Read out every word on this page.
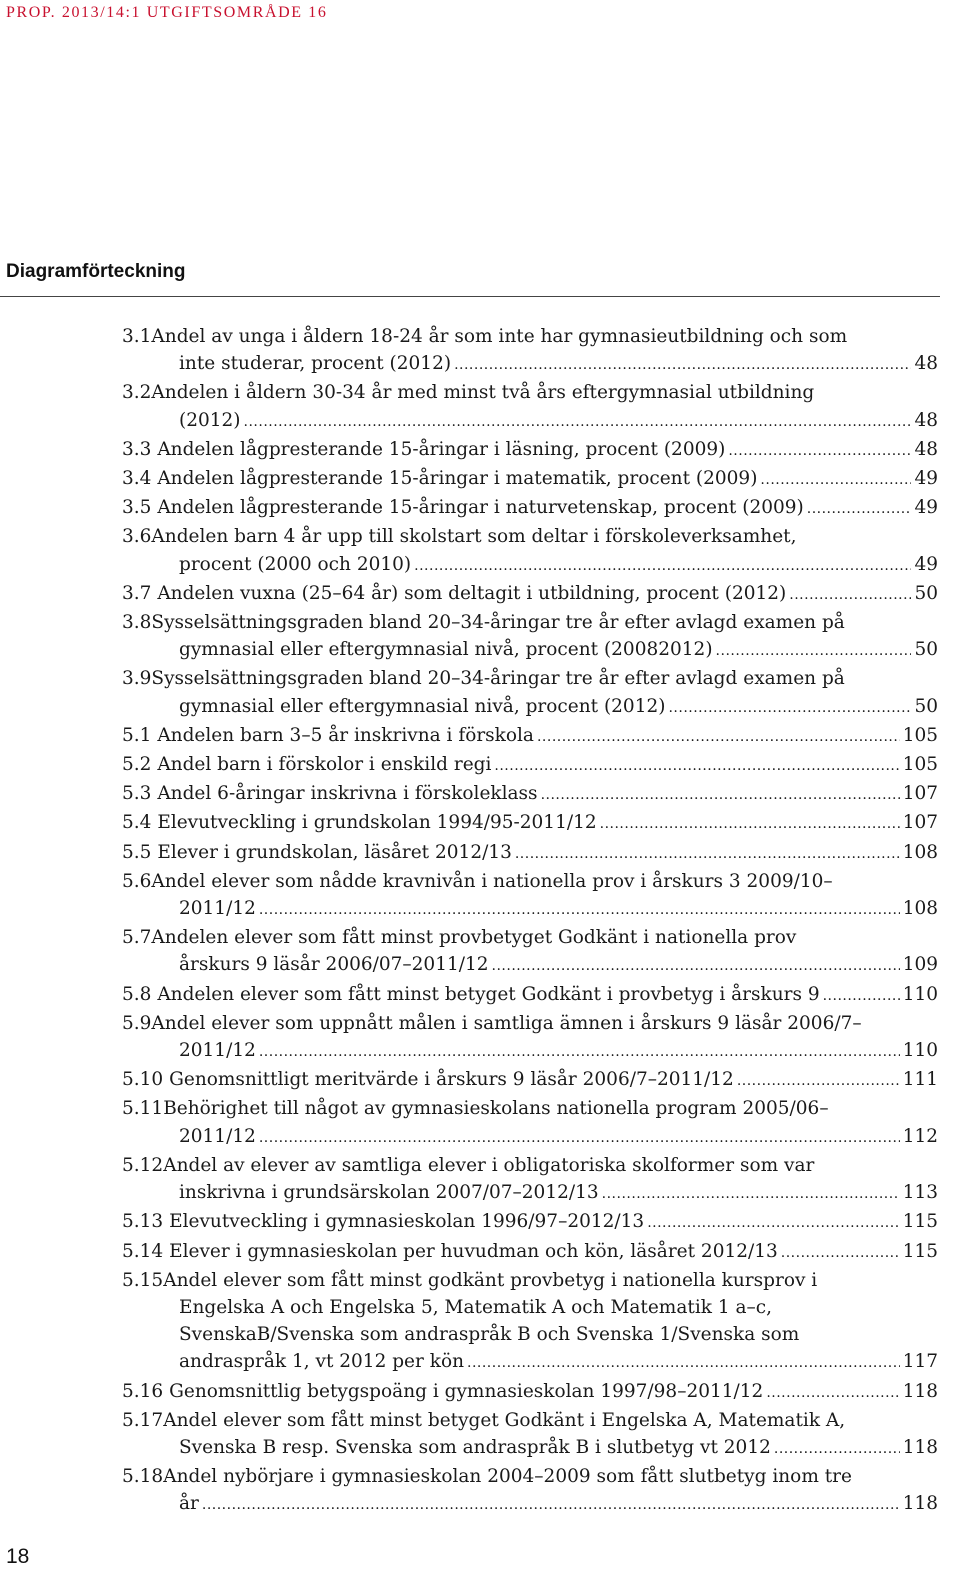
PROP. 2013/14:1 UTGIFTSOMRÅDE 16
Diagramförteckning
3.1 Andel av unga i åldern 18-24 år som inte har gymnasieutbildning och som
inte studerar, procent (2012) .....	48
3.2 Andelen i åldern 30-34 år med minst två års eftergymnasial utbildning
(2012) .....	48
3.3
Andelen lågpresterande 15-åringar i läsning, procent (2009) .....	48
3.4
Andelen lågpresterande 15-åringar i matematik, procent (2009) .....	49
3.5
Andelen lågpresterande 15-åringar i naturvetenskap, procent (2009) .....	49
3.6 Andelen barn 4 år upp till skolstart som deltar i förskoleverksamhet,
procent (2000 och 2010) .....	49
3.7
Andelen vuxna (25–64 år) som deltagit i utbildning, procent (2012) .....	50
3.8 Sysselsättningsgraden bland 20–34-åringar tre år efter avlagd examen på
gymnasial eller eftergymnasial nivå, procent (20082012) .....	50
3.9 Sysselsättningsgraden bland 20–34-åringar tre år efter avlagd examen på
gymnasial eller eftergymnasial nivå, procent (2012) .....	50
5.1
Andelen barn 3–5 år inskrivna i förskola .....	105
5.2
Andel barn i förskolor i enskild regi .....	105
5.3
Andel 6-åringar inskrivna i förskoleklass .....	107
5.4
Elevutveckling i grundskolan 1994/95-2011/12 .....	107
5.5
Elever i grundskolan, läsåret 2012/13 .....	108
5.6 Andel elever som nådde kravnivån i nationella prov i årskurs 3 2009/10–
2011/12 .....	108
5.7 Andelen elever som fått minst provbetyget Godkänt i nationella prov
årskurs 9 läsår 2006/07–2011/12 .....	109
5.8
Andelen elever som fått minst betyget Godkänt i provbetyg i årskurs 9 .....	110
5.9 Andel elever som uppnått målen i samtliga ämnen i årskurs 9 läsår 2006/7–
2011/12 .....	110
5.10
Genomsnittligt meritvärde i årskurs 9 läsår 2006/7–2011/12 .....	111
5.11 Behörighet till något av gymnasieskolans nationella program 2005/06–
2011/12 .....	112
5.12 Andel av elever av samtliga elever i obligatoriska skolformer som var
inskrivna i grundsärskolan 2007/07–2012/13 .....	113
5.13
Elevutveckling i gymnasieskolan 1996/97–2012/13 .....	115
5.14
Elever i gymnasieskolan per huvudman och kön, läsåret 2012/13 .....	115
5.15 Andel elever som fått minst godkänt provbetyg i nationella kursprov i
Engelska A och Engelska 5, Matematik A och Matematik 1 a–c,
SvenskaB/Svenska som andraspråk B och Svenska 1/Svenska som
andraspråk 1, vt 2012 per kön .....	117
5.16
Genomsnittlig betygspoäng i gymnasieskolan 1997/98–2011/12 .....	118
5.17 Andel elever som fått minst betyget Godkänt i Engelska A, Matematik A,
Svenska B resp. Svenska som andraspråk B i slutbetyg vt 2012 .....	118
5.18 Andel nybörjare i gymnasieskolan 2004–2009 som fått slutbetyg inom tre
år .....	118
18
